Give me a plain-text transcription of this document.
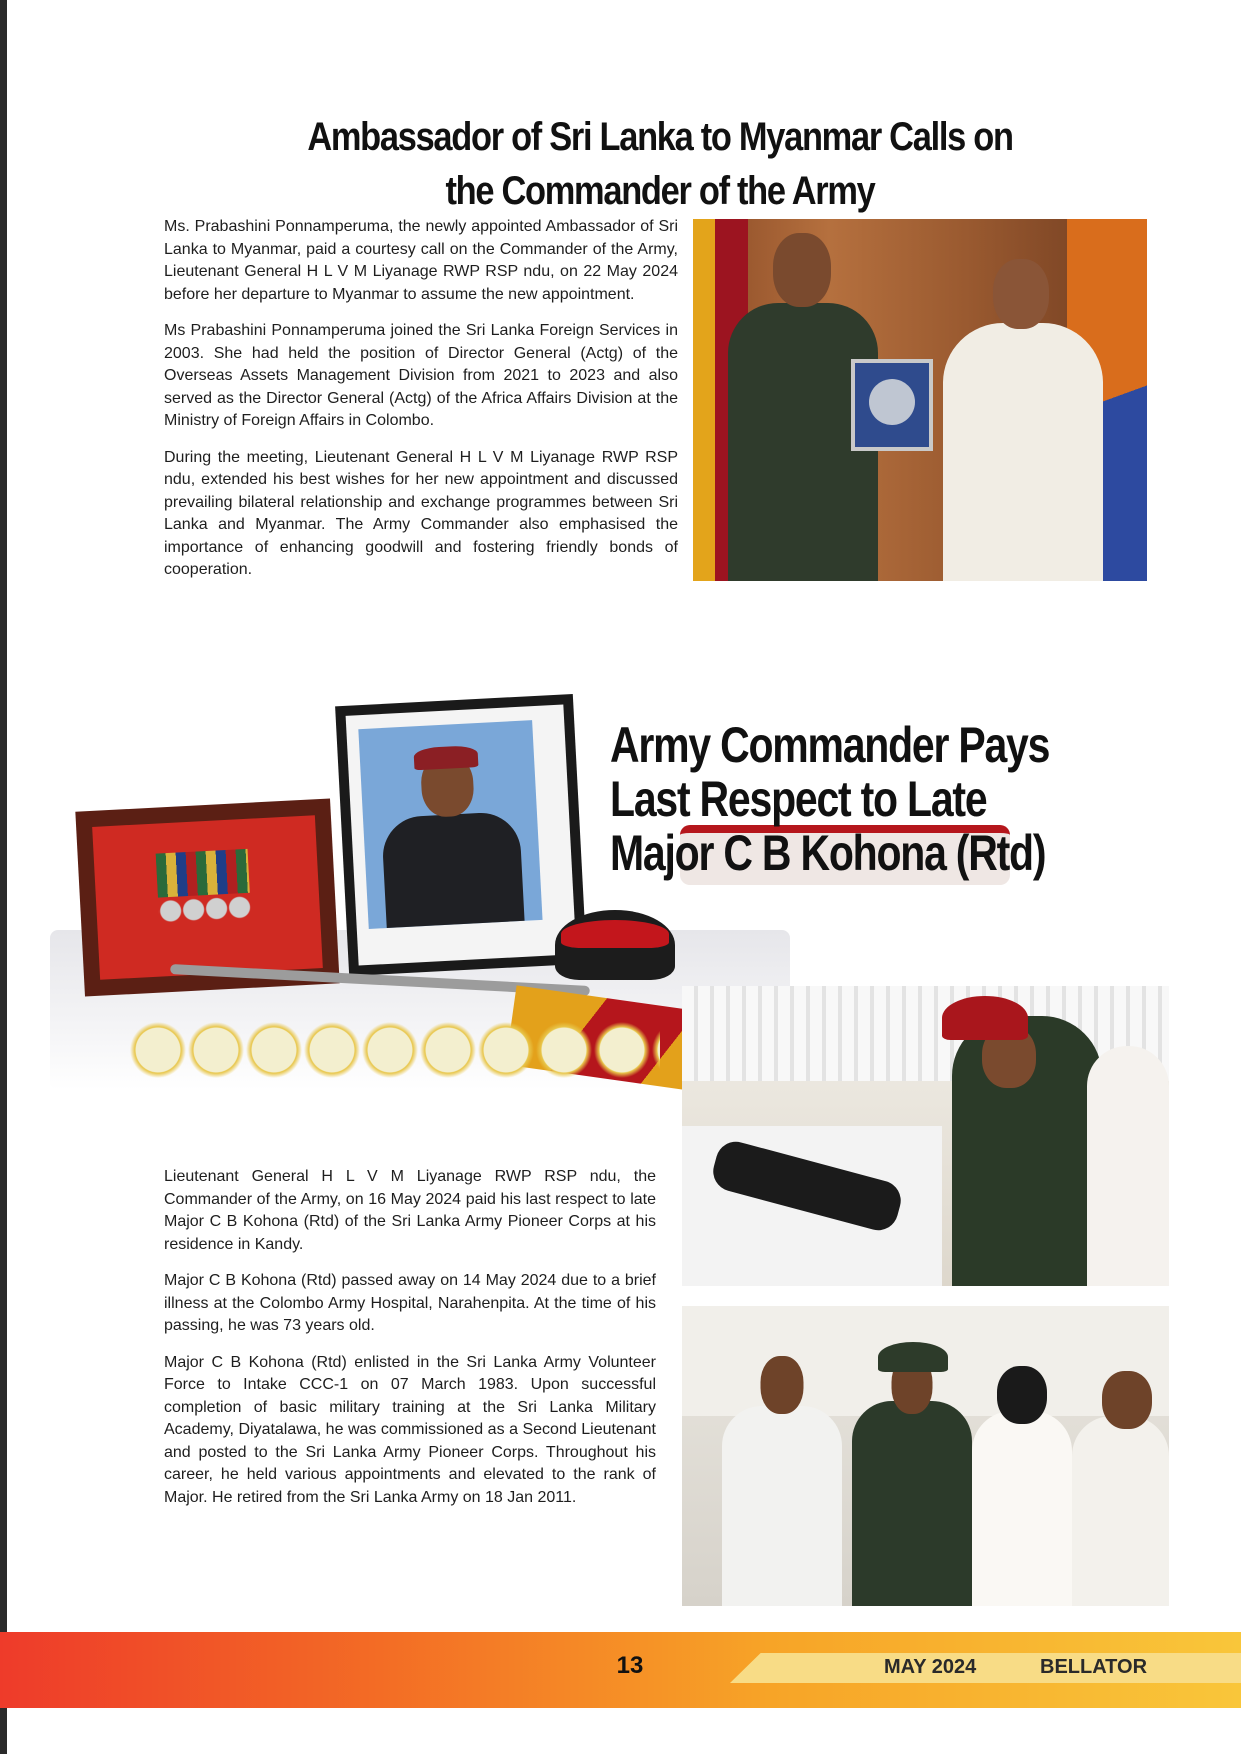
Ambassador of Sri Lanka to Myanmar Calls on
the Commander of the Army

Ms. Prabashini Ponnamperuma, the newly appointed Ambassador of Sri Lanka to Myanmar, paid a courtesy call on the Commander of the Army, Lieutenant General H L V M Liyanage RWP RSP ndu, on 22 May 2024 before her departure to Myanmar to assume the new appointment.

Ms Prabashini Ponnamperuma joined the Sri Lanka Foreign Services in 2003. She had held the position of Director General (Actg) of the Overseas Assets Management Division from 2021 to 2023 and also served as the Director General (Actg) of the Africa Affairs Division at the Ministry of Foreign Affairs in Colombo.

During the meeting, Lieutenant General H L V M Liyanage RWP RSP ndu, extended his best wishes for her new appointment and discussed prevailing bilateral relationship and exchange programmes between Sri Lanka and Myanmar. The Army Commander also emphasised the importance of enhancing goodwill and fostering friendly bonds of cooperation.

Army Commander Pays
Last Respect to Late
Major C B Kohona (Rtd)

Lieutenant General H L V M Liyanage RWP RSP ndu, the Commander of the Army, on 16 May 2024 paid his last respect to late Major C B Kohona (Rtd) of the Sri Lanka Army Pioneer Corps at his residence in Kandy.

Major C B Kohona (Rtd) passed away on 14 May 2024 due to a brief illness at the Colombo Army Hospital, Narahenpita. At the time of his passing, he was 73 years old.

Major C B Kohona (Rtd) enlisted in the Sri Lanka Army Volunteer Force to Intake CCC-1 on 07 March 1983. Upon successful completion of basic military training at the Sri Lanka Military Academy, Diyatalawa, he was commissioned as a Second Lieutenant and posted to the Sri Lanka Army Pioneer Corps. Throughout his career, he held various appointments and elevated to the rank of Major. He retired from the Sri Lanka Army on 18 Jan 2011.

13	MAY 2024	BELLATOR
